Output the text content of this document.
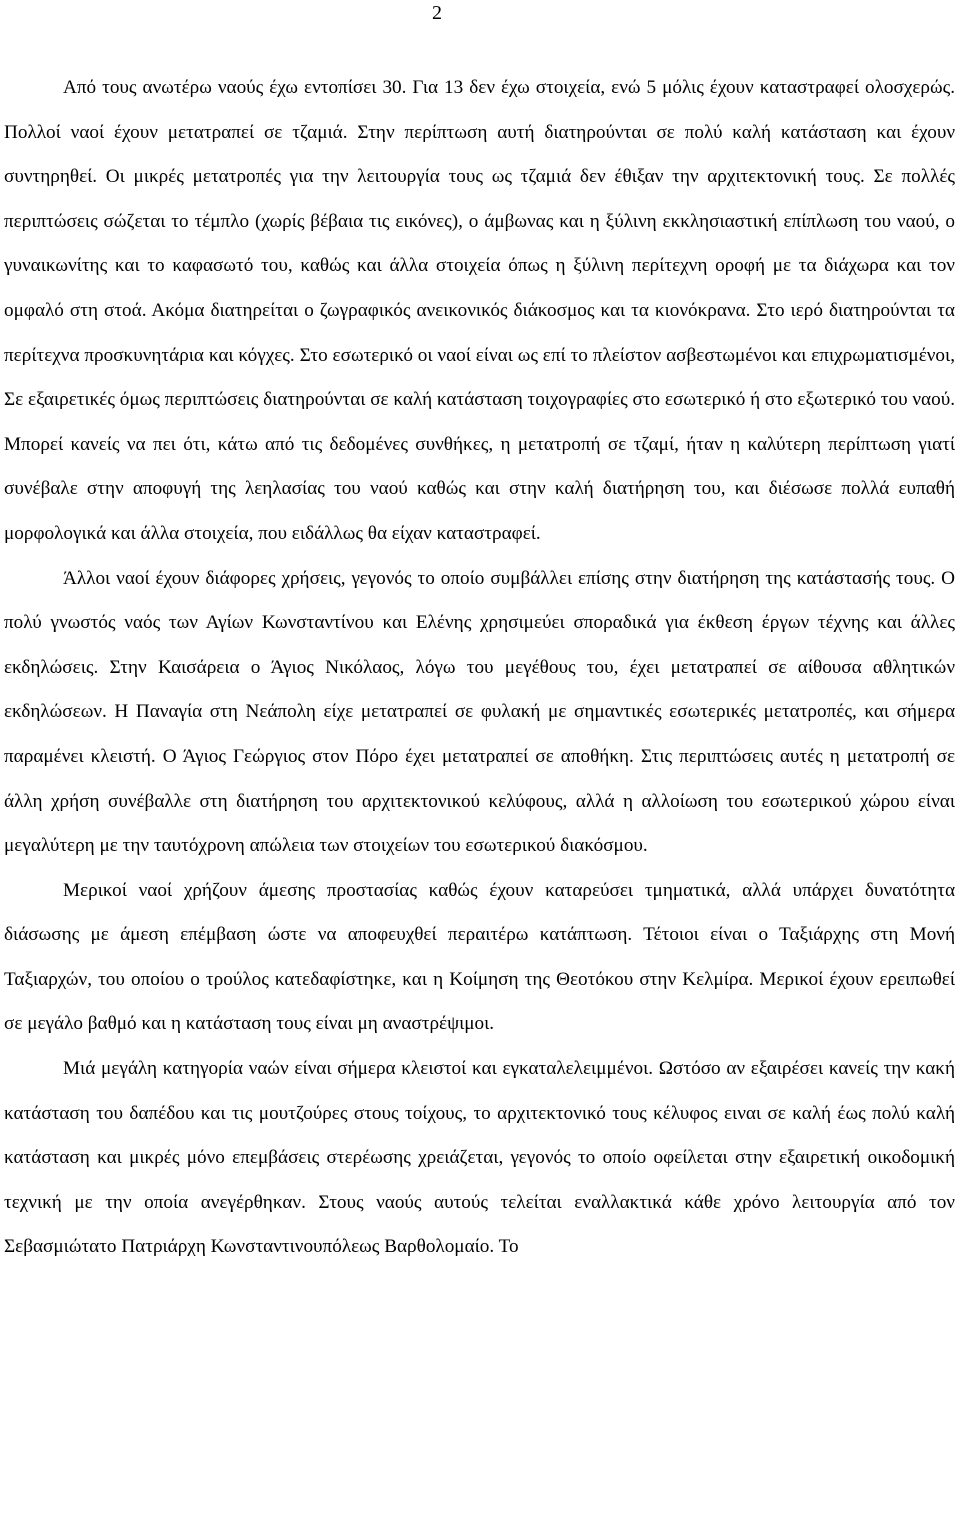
2

Από τους ανωτέρω ναούς έχω εντοπίσει 30. Για 13 δεν έχω στοιχεία, ενώ 5 μόλις έχουν καταστραφεί ολοσχερώς. Πολλοί ναοί έχουν μετατραπεί σε τζαμιά. Στην περίπτωση αυτή διατηρούνται σε πολύ καλή κατάσταση και έχουν συντηρηθεί. Οι μικρές μετατροπές για την λειτουργία τους ως τζαμιά δεν έθιξαν την αρχιτεκτονική τους. Σε πολλές περιπτώσεις σώζεται το τέμπλο (χωρίς βέβαια τις εικόνες), ο άμβωνας και η ξύλινη εκκλησιαστική επίπλωση του ναού, ο γυναικωνίτης και το καφασωτό του, καθώς και άλλα στοιχεία όπως η ξύλινη περίτεχνη οροφή με τα διάχωρα και τον ομφαλό στη στοά. Ακόμα διατηρείται ο ζωγραφικός ανεικονικός διάκοσμος και τα κιονόκρανα. Στο ιερό διατηρούνται τα περίτεχνα προσκυνητάρια και κόγχες. Στο εσωτερικό οι ναοί είναι ως επί το πλείστον ασβεστωμένοι και επιχρωματισμένοι, Σε εξαιρετικές όμως περιπτώσεις διατηρούνται σε καλή κατάσταση τοιχογραφίες στο εσωτερικό ή στο εξωτερικό του ναού. Μπορεί κανείς να πει ότι, κάτω από τις δεδομένες συνθήκες, η μετατροπή σε τζαμί, ήταν η καλύτερη περίπτωση γιατί συνέβαλε στην αποφυγή της λεηλασίας του ναού καθώς και στην καλή διατήρηση του, και διέσωσε πολλά ευπαθή μορφολογικά και άλλα στοιχεία, που ειδάλλως θα είχαν καταστραφεί.

Άλλοι ναοί έχουν διάφορες χρήσεις, γεγονός το οποίο συμβάλλει επίσης στην διατήρηση της κατάστασής τους. Ο πολύ γνωστός ναός των Αγίων Κωνσταντίνου και Ελένης χρησιμεύει σποραδικά για έκθεση έργων τέχνης και άλλες εκδηλώσεις. Στην Καισάρεια ο Άγιος Νικόλαος, λόγω του μεγέθους του, έχει μετατραπεί σε αίθουσα αθλητικών εκδηλώσεων. Η Παναγία στη Νεάπολη είχε μετατραπεί σε φυλακή με σημαντικές εσωτερικές μετατροπές, και σήμερα παραμένει κλειστή. Ο Άγιος Γεώργιος στον Πόρο έχει μετατραπεί σε αποθήκη. Στις περιπτώσεις αυτές η μετατροπή σε άλλη χρήση συνέβαλλε στη διατήρηση του αρχιτεκτονικού κελύφους, αλλά η αλλοίωση του εσωτερικού χώρου είναι μεγαλύτερη με την ταυτόχρονη απώλεια των στοιχείων του εσωτερικού διακόσμου.

Μερικοί ναοί χρήζουν άμεσης προστασίας καθώς έχουν καταρεύσει τμηματικά, αλλά υπάρχει δυνατότητα διάσωσης με άμεση επέμβαση ώστε να αποφευχθεί περαιτέρω κατάπτωση. Τέτοιοι είναι ο Ταξιάρχης στη Μονή Ταξιαρχών, του οποίου ο τρούλος κατεδαφίστηκε, και η Κοίμηση της Θεοτόκου στην Κελμίρα. Μερικοί έχουν ερειπωθεί σε μεγάλο βαθμό και η κατάσταση τους είναι μη αναστρέψιμοι.

Μιά μεγάλη κατηγορία ναών είναι σήμερα κλειστοί και εγκαταλελειμμένοι. Ωστόσο αν εξαιρέσει κανείς την κακή κατάσταση του δαπέδου και τις μουτζούρες στους τοίχους, το αρχιτεκτονικό τους κέλυφος ειναι σε καλή έως πολύ καλή κατάσταση και μικρές μόνο επεμβάσεις στερέωσης χρειάζεται, γεγονός το οποίο οφείλεται στην εξαιρετική οικοδομική τεχνική με την οποία ανεγέρθηκαν. Στους ναούς αυτούς τελείται εναλλακτικά κάθε χρόνο λειτουργία από τον Σεβασμιώτατο Πατριάρχη Κωνσταντινουπόλεως Βαρθολομαίο. Το
